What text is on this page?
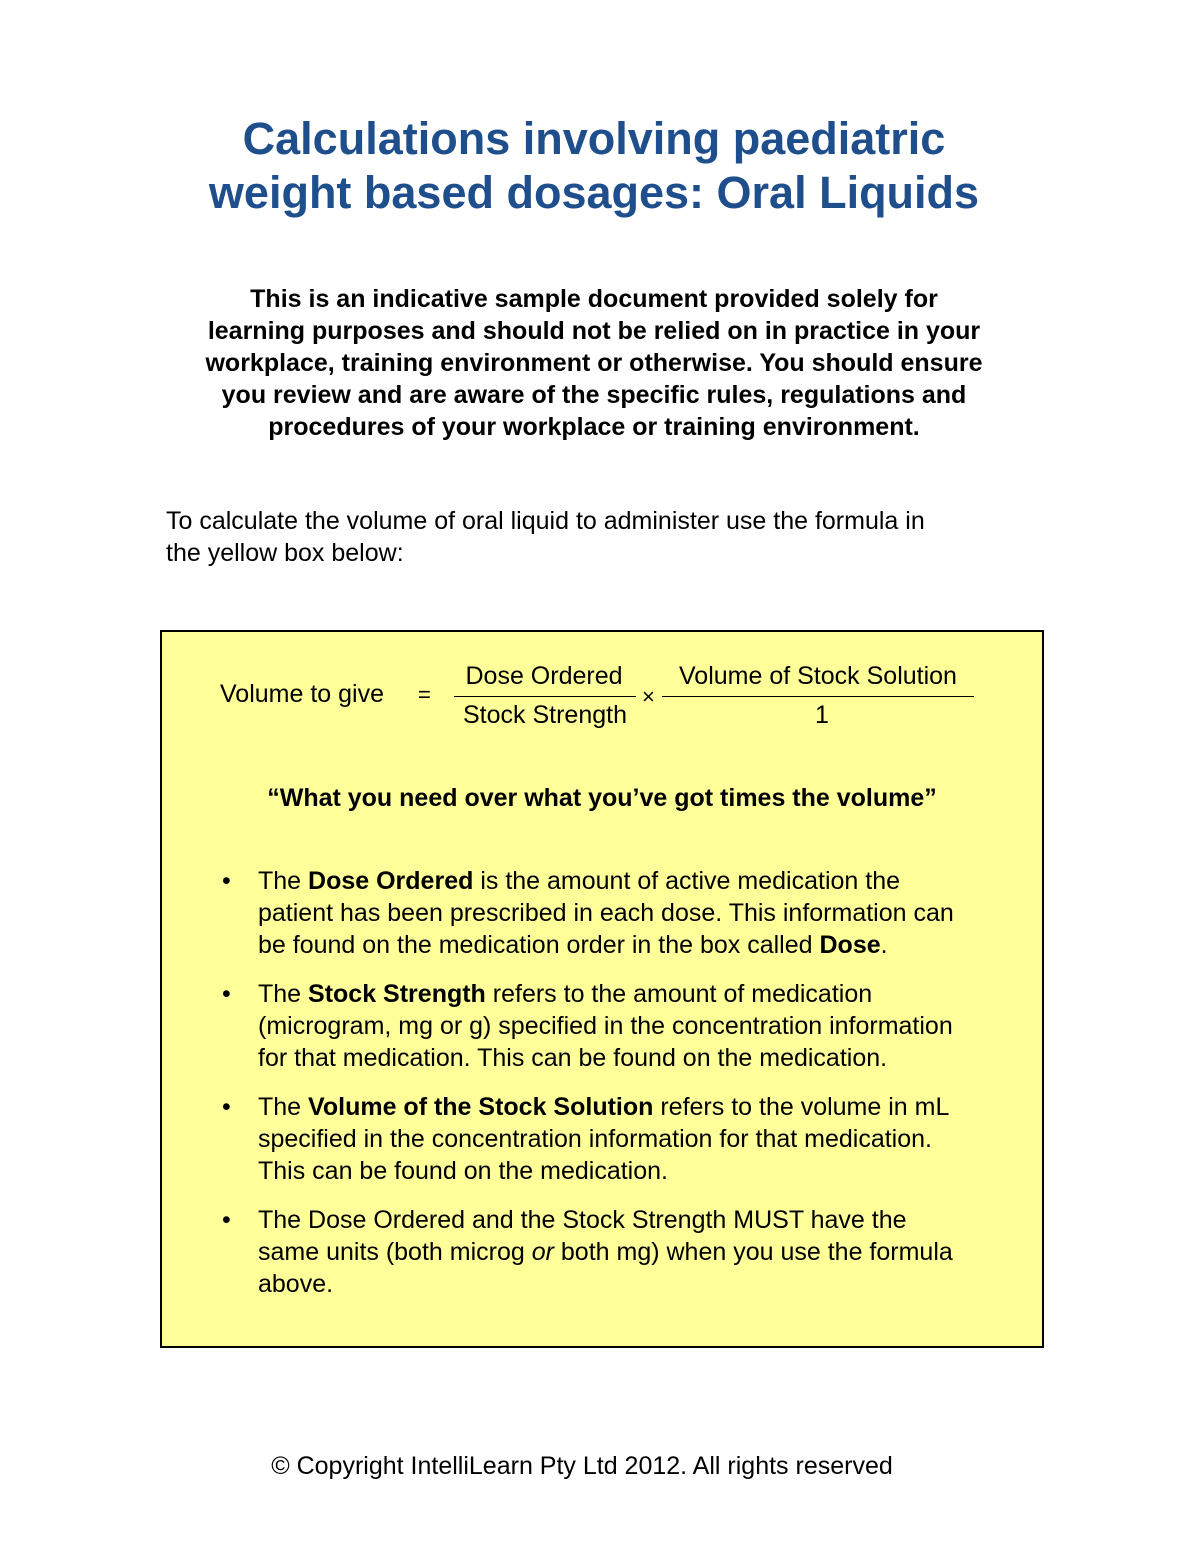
Calculations involving paediatric
weight based dosages: Oral Liquids

This is an indicative sample document provided solely for
learning purposes and should not be relied on in practice in your
workplace, training environment or otherwise. You should ensure
you review and are aware of the specific rules, regulations and
procedures of your workplace or training environment.

To calculate the volume of oral liquid to administer use the formula in
the yellow box below:

Volume to give =
Dose Ordered
Stock Strength
×
Volume of Stock Solution
1

“What you need over what you’ve got times the volume”

• The Dose Ordered is the amount of active medication the
patient has been prescribed in each dose. This information can
be found on the medication order in the box called Dose.
• The Stock Strength refers to the amount of medication
(microgram, mg or g) specified in the concentration information
for that medication. This can be found on the medication.
• The Volume of the Stock Solution refers to the volume in mL
specified in the concentration information for that medication.
This can be found on the medication.
• The Dose Ordered and the Stock Strength MUST have the
same units (both microg or both mg) when you use the formula
above.

© Copyright IntelliLearn Pty Ltd 2012. All rights reserved
